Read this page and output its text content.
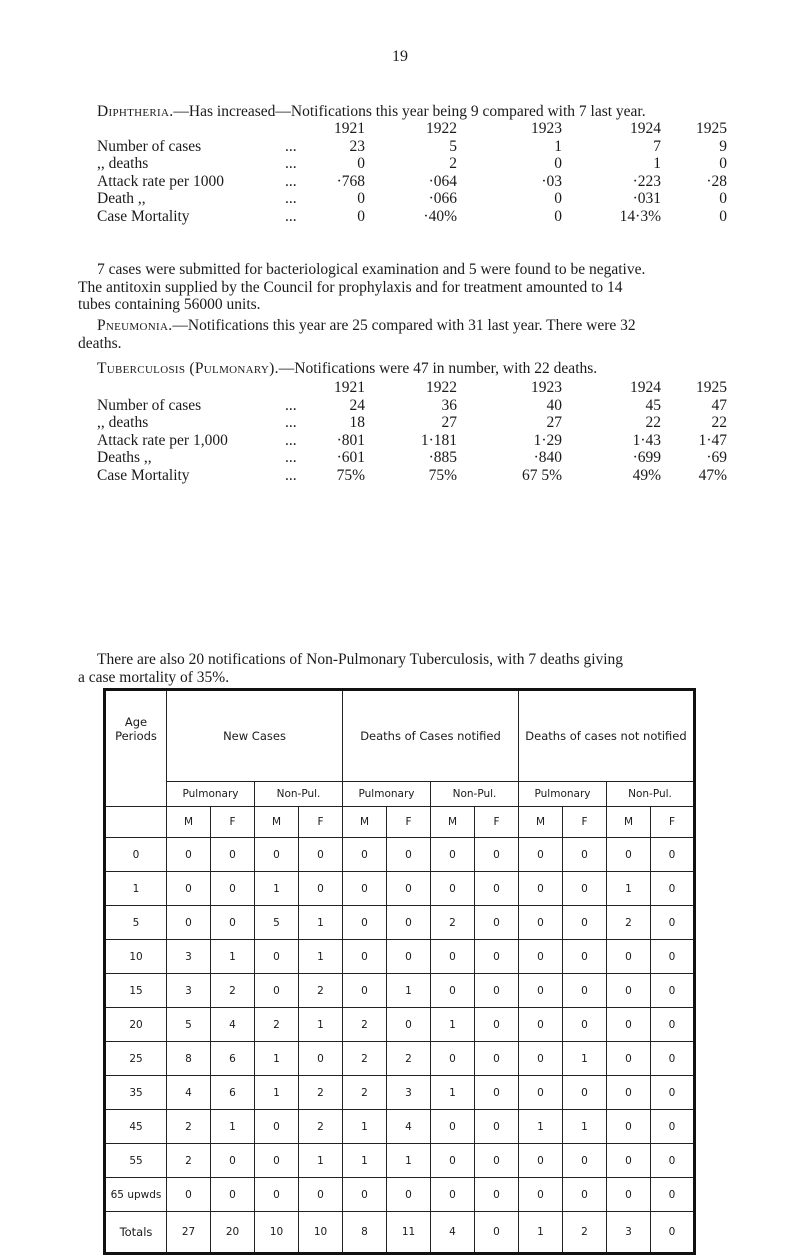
19
Diphtheria.—Has increased—Notifications this year being 9 compared with 7 last year.
1921	1922	1923	1924	1925
Number of cases	...	23	5	1	7	9
,, deaths	...	0	2	0	1	0
Attack rate per 1000	...	·768	·064	·03	·223	·28
Death ,,	...	0	·066	0	·031	0
Case Mortality	...	0	·40%	0	14·3%	0
7 cases were submitted for bacteriological examination and 5 were found to be negative.
The antitoxin supplied by the Council for prophylaxis and for treatment amounted to 14
tubes containing 56000 units.
Pneumonia.—Notifications this year are 25 compared with 31 last year. There were 32
deaths.
Tuberculosis (Pulmonary).—Notifications were 47 in number, with 22 deaths.
1921	1922	1923	1924	1925
Number of cases	...	24	36	40	45	47
,, deaths	...	18	27	27	22	22
Attack rate per 1,000	...	·801	1·181	1·29	1·43	1·47
Deaths ,,	...	·601	·885	·840	·699	·69
Case Mortality	...	75%	75%	67 5%	49%	47%
There are also 20 notifications of Non-Pulmonary Tuberculosis, with 7 deaths giving
a case mortality of 35%.
Age Periods	New Cases				Deaths of Cases notified				Deaths of cases not notified			
	Pulmonary		Non-Pul.		Pulmonary		Non-Pul.		Pulmonary		Non-Pul.	
	M	F	M	F	M	F	M	F	M	F	M	F
0	0	0	0	0	0	0	0	0	0	0	0	0
1	0	0	1	0	0	0	0	0	0	0	1	0
5	0	0	5	1	0	0	2	0	0	0	2	0
10	3	1	0	1	0	0	0	0	0	0	0	0
15	3	2	0	2	0	1	0	0	0	0	0	0
20	5	4	2	1	2	0	1	0	0	0	0	0
25	8	6	1	0	2	2	0	0	0	1	0	0
35	4	6	1	2	2	3	1	0	0	0	0	0
45	2	1	0	2	1	4	0	0	1	1	0	0
55	2	0	0	1	1	1	0	0	0	0	0	0
65 upwds	0	0	0	0	0	0	0	0	0	0	0	0
Totals	27	20	10	10	8	11	4	0	1	2	3	0
